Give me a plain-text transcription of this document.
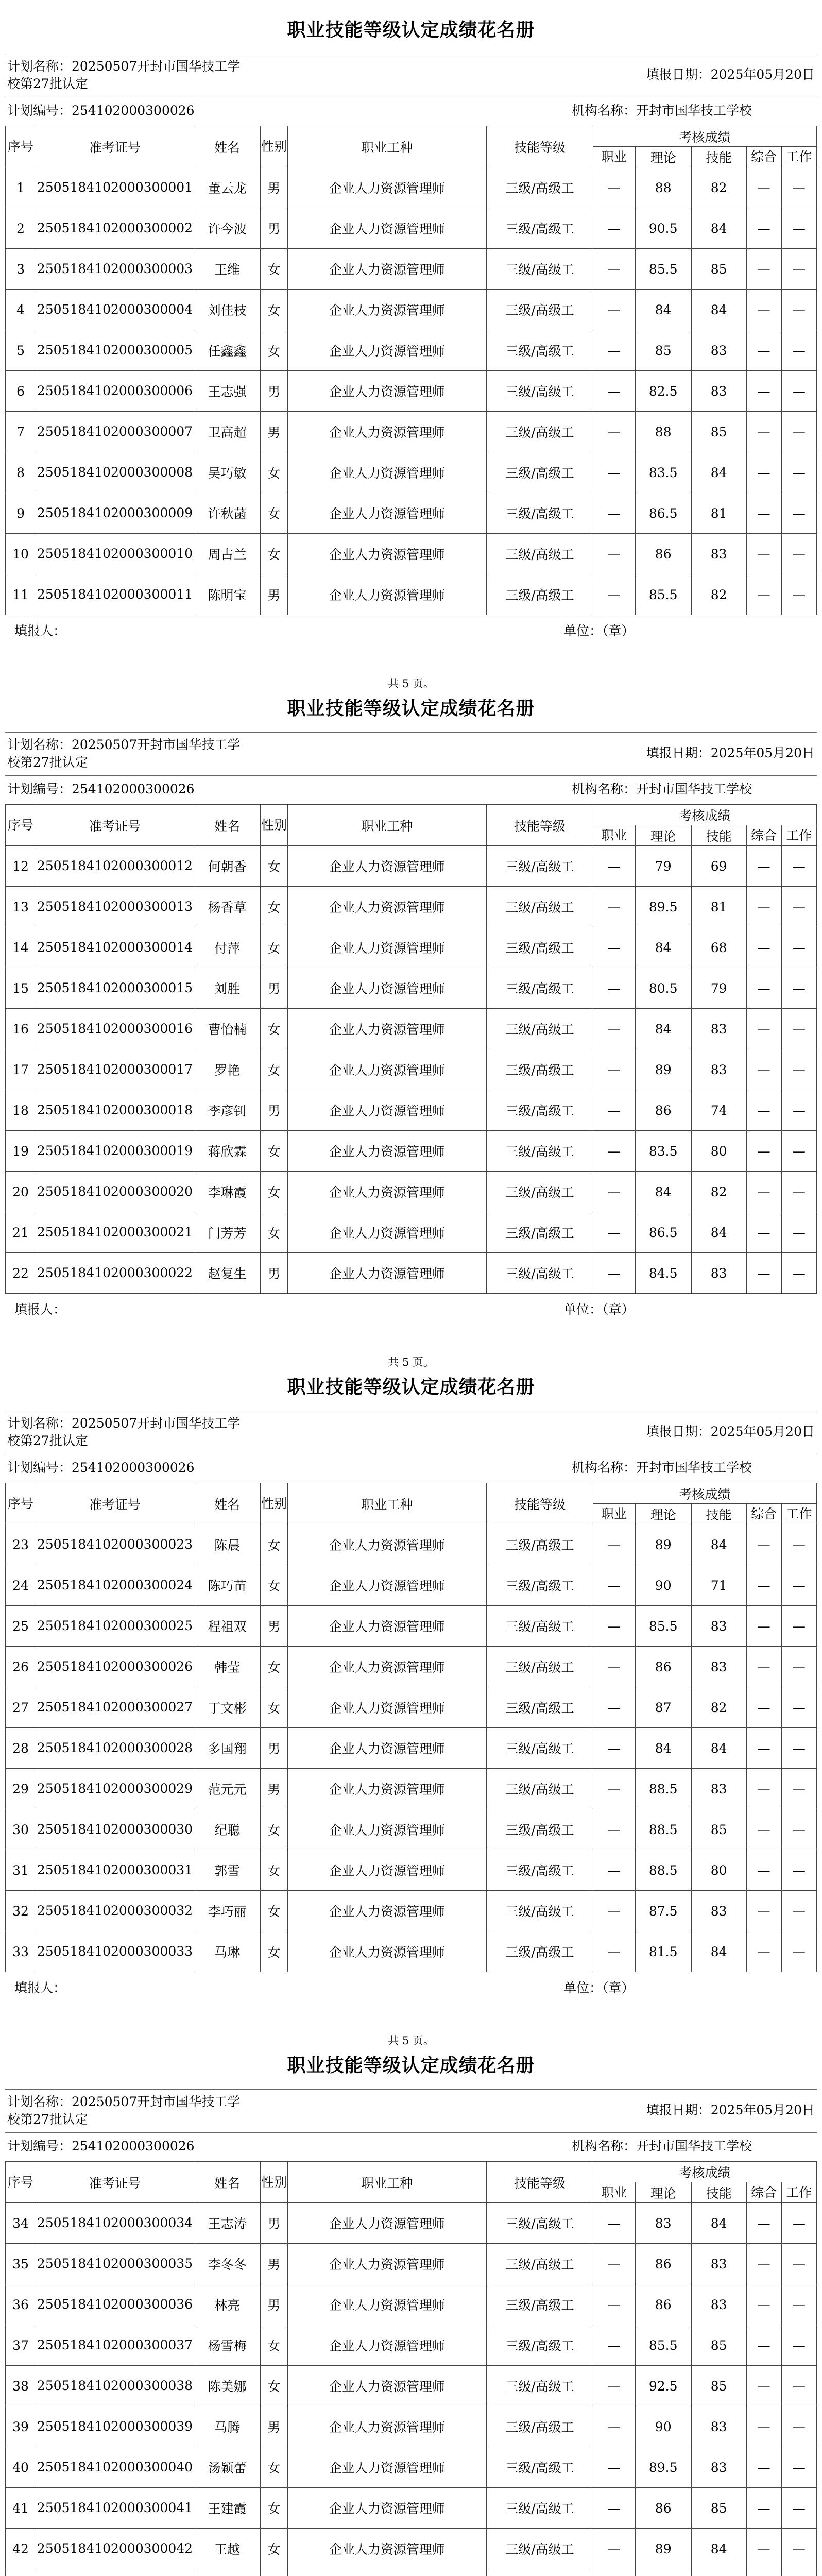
职业技能等级认定成绩花名册
计划名称：20250507开封市国华技工学校第27批认定
填报日期：2025年05月20日
计划编号：254102000300026	机构名称：开封市国华技工学校
序号	准考证号	姓名	性别	职业工种	技能等级	考核成绩				
						职业	理论	技能	综合	工作
1	2505184102000300001	董云龙	男	企业人力资源管理师	三级/高级工	—	88	82	—	—
2	2505184102000300002	许今波	男	企业人力资源管理师	三级/高级工	—	90.5	84	—	—
3	2505184102000300003	王维	女	企业人力资源管理师	三级/高级工	—	85.5	85	—	—
4	2505184102000300004	刘佳枝	女	企业人力资源管理师	三级/高级工	—	84	84	—	—
5	2505184102000300005	任鑫鑫	女	企业人力资源管理师	三级/高级工	—	85	83	—	—
6	2505184102000300006	王志强	男	企业人力资源管理师	三级/高级工	—	82.5	83	—	—
7	2505184102000300007	卫高超	男	企业人力资源管理师	三级/高级工	—	88	85	—	—
8	2505184102000300008	吴巧敏	女	企业人力资源管理师	三级/高级工	—	83.5	84	—	—
9	2505184102000300009	许秋菡	女	企业人力资源管理师	三级/高级工	—	86.5	81	—	—
10	2505184102000300010	周占兰	女	企业人力资源管理师	三级/高级工	—	86	83	—	—
11	2505184102000300011	陈明宝	男	企业人力资源管理师	三级/高级工	—	85.5	82	—	—
填报人：	单位：（章）
共 5 页。
职业技能等级认定成绩花名册
计划名称：20250507开封市国华技工学校第27批认定
填报日期：2025年05月20日
计划编号：254102000300026	机构名称：开封市国华技工学校
序号	准考证号	姓名	性别	职业工种	技能等级	考核成绩				
						职业	理论	技能	综合	工作
12	2505184102000300012	何朝香	女	企业人力资源管理师	三级/高级工	—	79	69	—	—
13	2505184102000300013	杨香草	女	企业人力资源管理师	三级/高级工	—	89.5	81	—	—
14	2505184102000300014	付萍	女	企业人力资源管理师	三级/高级工	—	84	68	—	—
15	2505184102000300015	刘胜	男	企业人力资源管理师	三级/高级工	—	80.5	79	—	—
16	2505184102000300016	曹怡楠	女	企业人力资源管理师	三级/高级工	—	84	83	—	—
17	2505184102000300017	罗艳	女	企业人力资源管理师	三级/高级工	—	89	83	—	—
18	2505184102000300018	李彦钊	男	企业人力资源管理师	三级/高级工	—	86	74	—	—
19	2505184102000300019	蒋欣霖	女	企业人力资源管理师	三级/高级工	—	83.5	80	—	—
20	2505184102000300020	李琳霞	女	企业人力资源管理师	三级/高级工	—	84	82	—	—
21	2505184102000300021	门芳芳	女	企业人力资源管理师	三级/高级工	—	86.5	84	—	—
22	2505184102000300022	赵复生	男	企业人力资源管理师	三级/高级工	—	84.5	83	—	—
填报人：	单位：（章）
共 5 页。
职业技能等级认定成绩花名册
计划名称：20250507开封市国华技工学校第27批认定
填报日期：2025年05月20日
计划编号：254102000300026	机构名称：开封市国华技工学校
序号	准考证号	姓名	性别	职业工种	技能等级	考核成绩				
						职业	理论	技能	综合	工作
23	2505184102000300023	陈晨	女	企业人力资源管理师	三级/高级工	—	89	84	—	—
24	2505184102000300024	陈巧苗	女	企业人力资源管理师	三级/高级工	—	90	71	—	—
25	2505184102000300025	程祖双	男	企业人力资源管理师	三级/高级工	—	85.5	83	—	—
26	2505184102000300026	韩莹	女	企业人力资源管理师	三级/高级工	—	86	83	—	—
27	2505184102000300027	丁文彬	女	企业人力资源管理师	三级/高级工	—	87	82	—	—
28	2505184102000300028	多国翔	男	企业人力资源管理师	三级/高级工	—	84	84	—	—
29	2505184102000300029	范元元	男	企业人力资源管理师	三级/高级工	—	88.5	83	—	—
30	2505184102000300030	纪聪	女	企业人力资源管理师	三级/高级工	—	88.5	85	—	—
31	2505184102000300031	郭雪	女	企业人力资源管理师	三级/高级工	—	88.5	80	—	—
32	2505184102000300032	李巧丽	女	企业人力资源管理师	三级/高级工	—	87.5	83	—	—
33	2505184102000300033	马琳	女	企业人力资源管理师	三级/高级工	—	81.5	84	—	—
填报人：	单位：（章）
共 5 页。
职业技能等级认定成绩花名册
计划名称：20250507开封市国华技工学校第27批认定
填报日期：2025年05月20日
计划编号：254102000300026	机构名称：开封市国华技工学校
序号	准考证号	姓名	性别	职业工种	技能等级	考核成绩				
						职业	理论	技能	综合	工作
34	2505184102000300034	王志涛	男	企业人力资源管理师	三级/高级工	—	83	84	—	—
35	2505184102000300035	李冬冬	男	企业人力资源管理师	三级/高级工	—	86	83	—	—
36	2505184102000300036	林亮	男	企业人力资源管理师	三级/高级工	—	86	83	—	—
37	2505184102000300037	杨雪梅	女	企业人力资源管理师	三级/高级工	—	85.5	85	—	—
38	2505184102000300038	陈美娜	女	企业人力资源管理师	三级/高级工	—	92.5	85	—	—
39	2505184102000300039	马腾	男	企业人力资源管理师	三级/高级工	—	90	83	—	—
40	2505184102000300040	汤颖蕾	女	企业人力资源管理师	三级/高级工	—	89.5	83	—	—
41	2505184102000300041	王建霞	女	企业人力资源管理师	三级/高级工	—	86	85	—	—
42	2505184102000300042	王越	女	企业人力资源管理师	三级/高级工	—	89	84	—	—
